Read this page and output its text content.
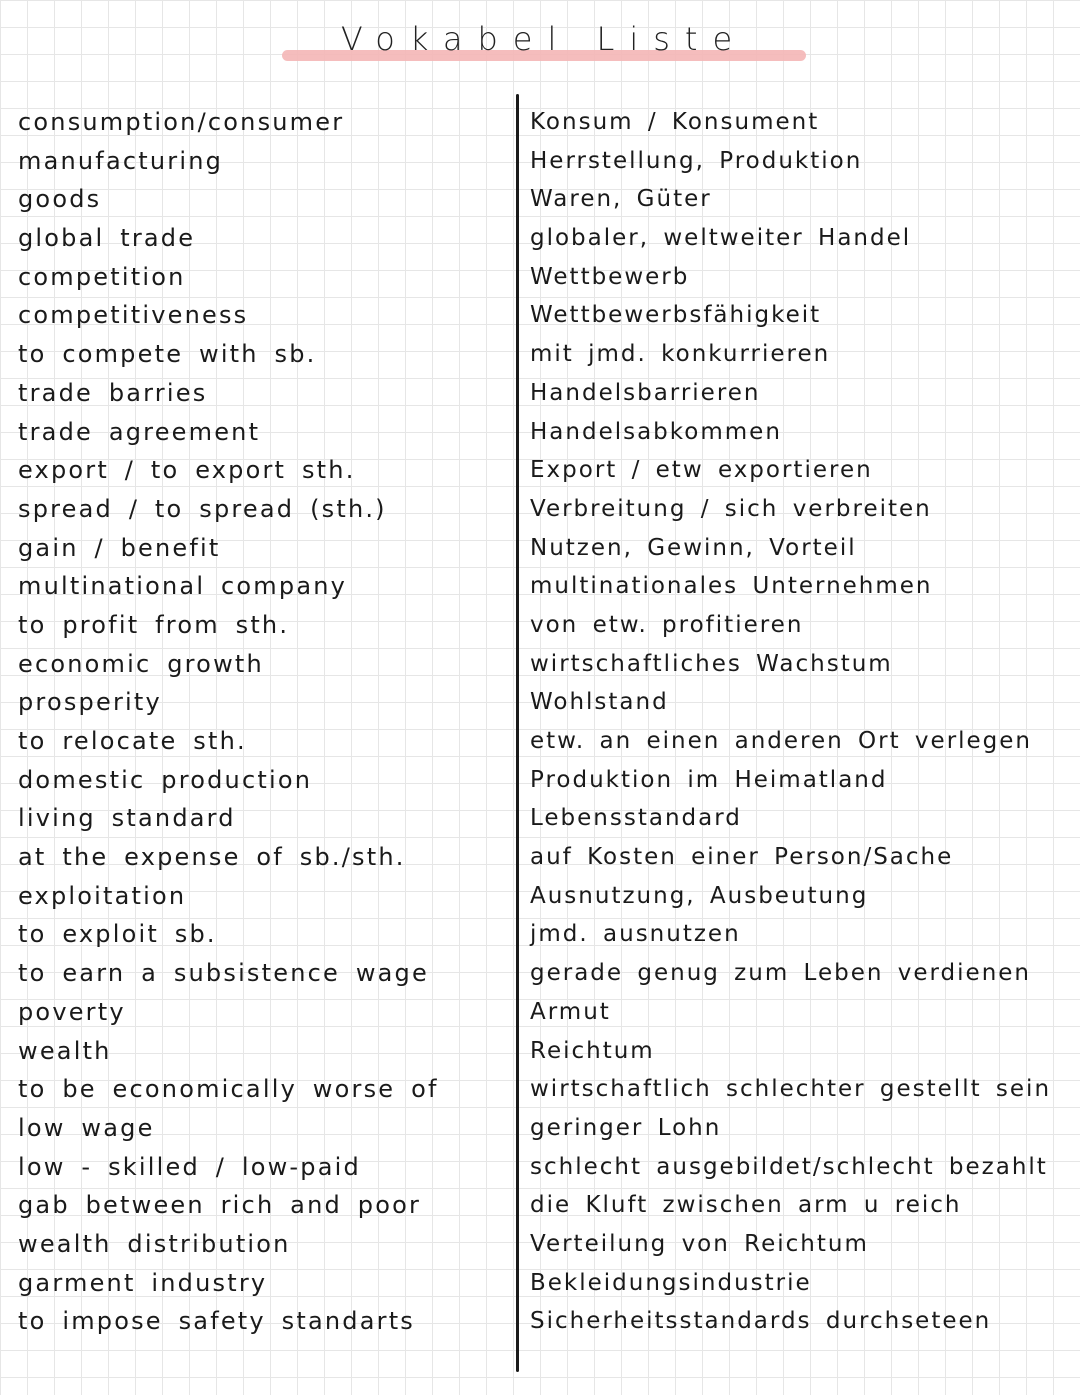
Vokabel Liste
consumption/consumer
manufacturing
goods
global trade
competition
competitiveness
to compete with sb.
trade barries
trade agreement
export / to export sth.
spread / to spread (sth.)
gain / benefit
multinational company
to profit from sth.
economic growth
prosperity
to relocate sth.
domestic production
living standard
at the expense of sb./sth.
exploitation
to exploit sb.
to earn a subsistence wage
poverty
wealth
to be economically worse of
low wage
low - skilled / low-paid
gab between rich and poor
wealth distribution
garment industry
to impose safety standarts
Konsum / Konsument
Herrstellung, Produktion
Waren, Güter
globaler, weltweiter Handel
Wettbewerb
Wettbewerbsfähigkeit
mit jmd. konkurrieren
Handelsbarrieren
Handelsabkommen
Export / etw exportieren
Verbreitung / sich verbreiten
Nutzen, Gewinn, Vorteil
multinationales Unternehmen
von etw. profitieren
wirtschaftliches Wachstum
Wohlstand
etw. an einen anderen Ort verlegen
Produktion im Heimatland
Lebensstandard
auf Kosten einer Person/Sache
Ausnutzung, Ausbeutung
jmd. ausnutzen
gerade genug zum Leben verdienen
Armut
Reichtum
wirtschaftlich schlechter gestellt sein
geringer Lohn
schlecht ausgebildet/schlecht bezahlt
die Kluft zwischen arm u reich
Verteilung von Reichtum
Bekleidungsindustrie
Sicherheitsstandards durchseteen
